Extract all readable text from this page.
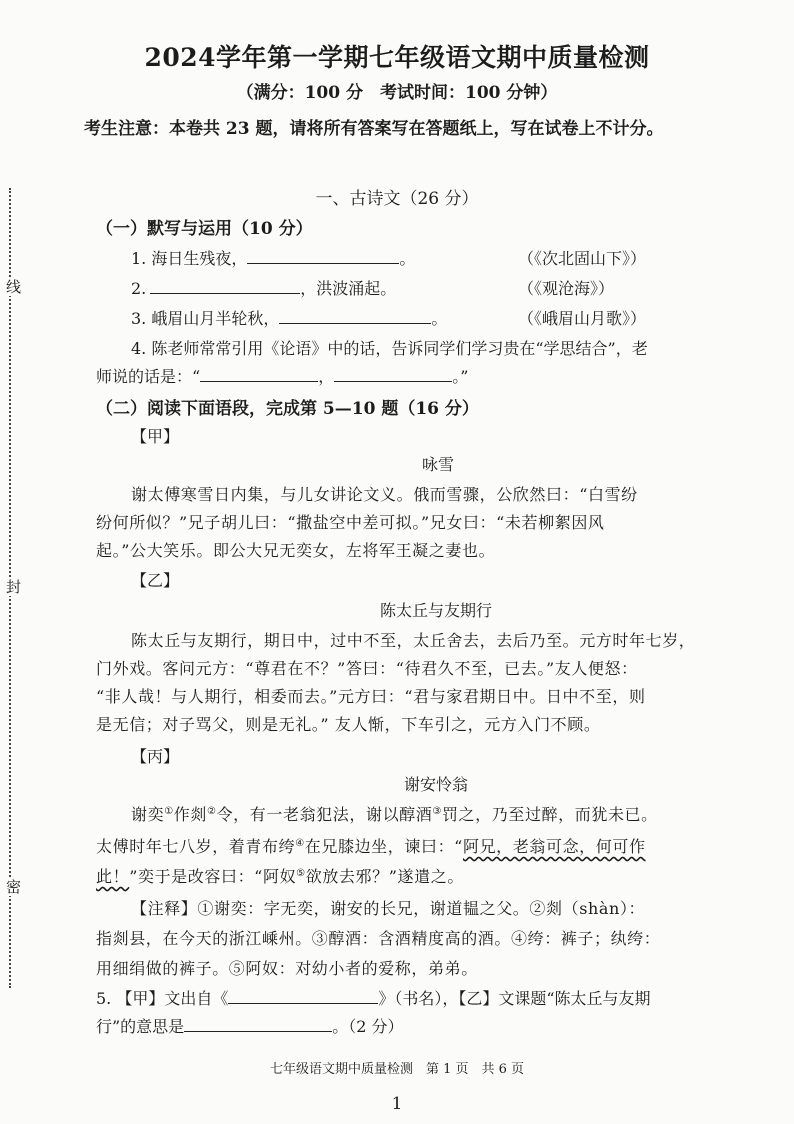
线
封
密
2024学年第一学期七年级语文期中质量检测
（满分：100 分　考试时间：100 分钟）
考生注意：本卷共 23 题，请将所有答案写在答题纸上，写在试卷上不计分。
一、古诗文（26 分）
（一）默写与运用（10 分）
1. 海日生残夜，	。	（《次北固山下》）
2.	，洪波涌起。	（《观沧海》）
3. 峨眉山月半轮秋，	。	（《峨眉山月歌》）
4. 陈老师常常引用《论语》中的话，告诉同学们学习贵在“学思结合”，老
师说的话是：“	，	。”
（二）阅读下面语段，完成第 5—10 题（16 分）
【甲】
咏雪
谢太傅寒雪日内集，与儿女讲论文义。俄而雪骤，公欣然曰：“白雪纷
纷何所似？”兄子胡儿曰：“撒盐空中差可拟。”兄女曰：“未若柳絮因风
起。”公大笑乐。即公大兄无奕女，左将军王凝之妻也。
【乙】
陈太丘与友期行
陈太丘与友期行，期日中，过中不至，太丘舍去，去后乃至。元方时年七岁，
门外戏。客问元方：“尊君在不？”答曰：“待君久不至，已去。”友人便怒：
“非人哉！与人期行，相委而去。”元方曰：“君与家君期日中。日中不至，则
是无信；对子骂父，则是无礼。” 友人惭，下车引之，元方入门不顾。
【丙】
谢安怜翁
谢奕①作剡②令，有一老翁犯法，谢以醇酒③罚之，乃至过醉，而犹未已。
太傅时年七八岁，着青布绔④在兄膝边坐，谏曰：“阿兄，老翁可念，何可作
此！”奕于是改容曰：“阿奴⑤欲放去邪？”遂遣之。
【注释】①谢奕：字无奕，谢安的长兄，谢道韫之父。②剡（shàn）：
指剡县，在今天的浙江嵊州。③醇酒：含酒精度高的酒。④绔：裤子；纨绔：
用细绢做的裤子。⑤阿奴：对幼小者的爱称，弟弟。
5. 【甲】文出自《	》（书名），【乙】文课题“陈太丘与友期
行”的意思是	。（2 分）
七年级语文期中质量检测　第 1 页　共 6 页
1
